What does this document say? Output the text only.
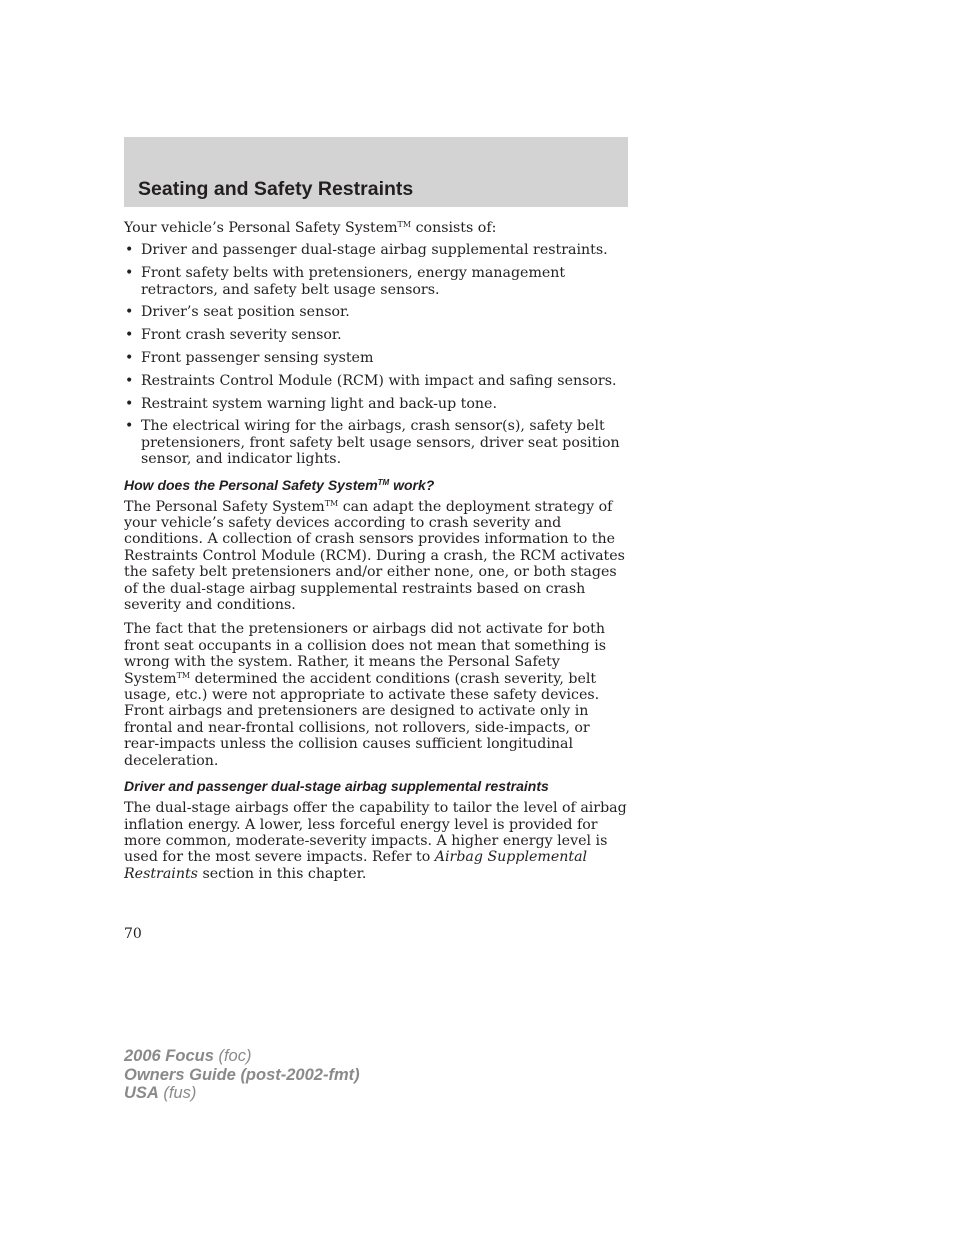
Seating and Safety Restraints

Your vehicle’s Personal Safety System™ consists of:

• Driver and passenger dual-stage airbag supplemental restraints.
• Front safety belts with pretensioners, energy management retractors, and safety belt usage sensors.
• Driver’s seat position sensor.
• Front crash severity sensor.
• Front passenger sensing system
• Restraints Control Module (RCM) with impact and safing sensors.
• Restraint system warning light and back-up tone.
• The electrical wiring for the airbags, crash sensor(s), safety belt pretensioners, front safety belt usage sensors, driver seat position sensor, and indicator lights.
How does the Personal Safety System™ work?

The Personal Safety System™ can adapt the deployment strategy of your vehicle’s safety devices according to crash severity and conditions. A collection of crash sensors provides information to the Restraints Control Module (RCM). During a crash, the RCM activates the safety belt pretensioners and/or either none, one, or both stages of the dual-stage airbag supplemental restraints based on crash severity and conditions.

The fact that the pretensioners or airbags did not activate for both front seat occupants in a collision does not mean that something is wrong with the system. Rather, it means the Personal Safety System™ determined the accident conditions (crash severity, belt usage, etc.) were not appropriate to activate these safety devices. Front airbags and pretensioners are designed to activate only in frontal and near-frontal collisions, not rollovers, side-impacts, or rear-impacts unless the collision causes sufficient longitudinal deceleration.

Driver and passenger dual-stage airbag supplemental restraints

The dual-stage airbags offer the capability to tailor the level of airbag inflation energy. A lower, less forceful energy level is provided for more common, moderate-severity impacts. A higher energy level is used for the most severe impacts. Refer to Airbag Supplemental Restraints section in this chapter.

70
2006 Focus (foc)
Owners Guide (post-2002-fmt)
USA (fus)
